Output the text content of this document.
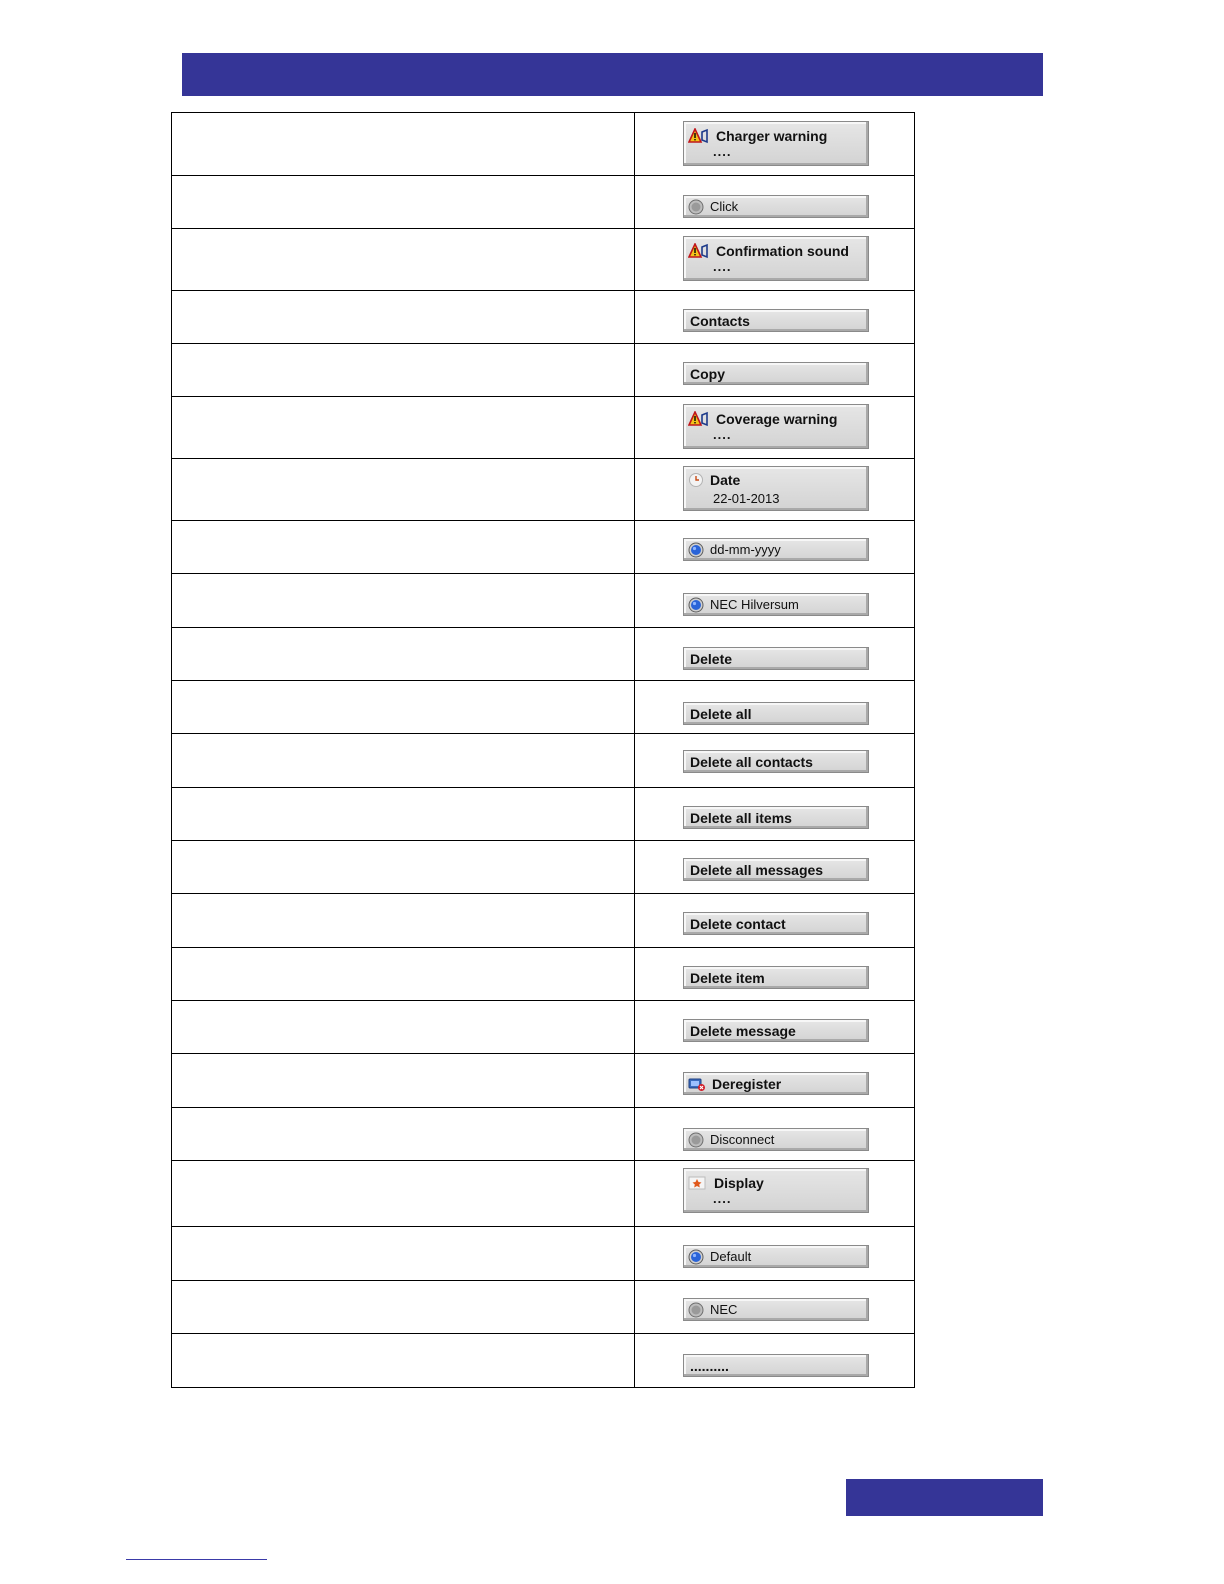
	Charger warning
....

	Click

	Confirmation sound
....

	Contacts

	Copy

	Coverage warning
....

	Date
22-01-2013

	dd-mm-yyyy

	NEC Hilversum

	Delete

	Delete all

	Delete all contacts

	Delete all items

	Delete all messages

	Delete contact

	Delete item

	Delete message

	Deregister

	Disconnect

	Display
....

	Default

	NEC

	..........
